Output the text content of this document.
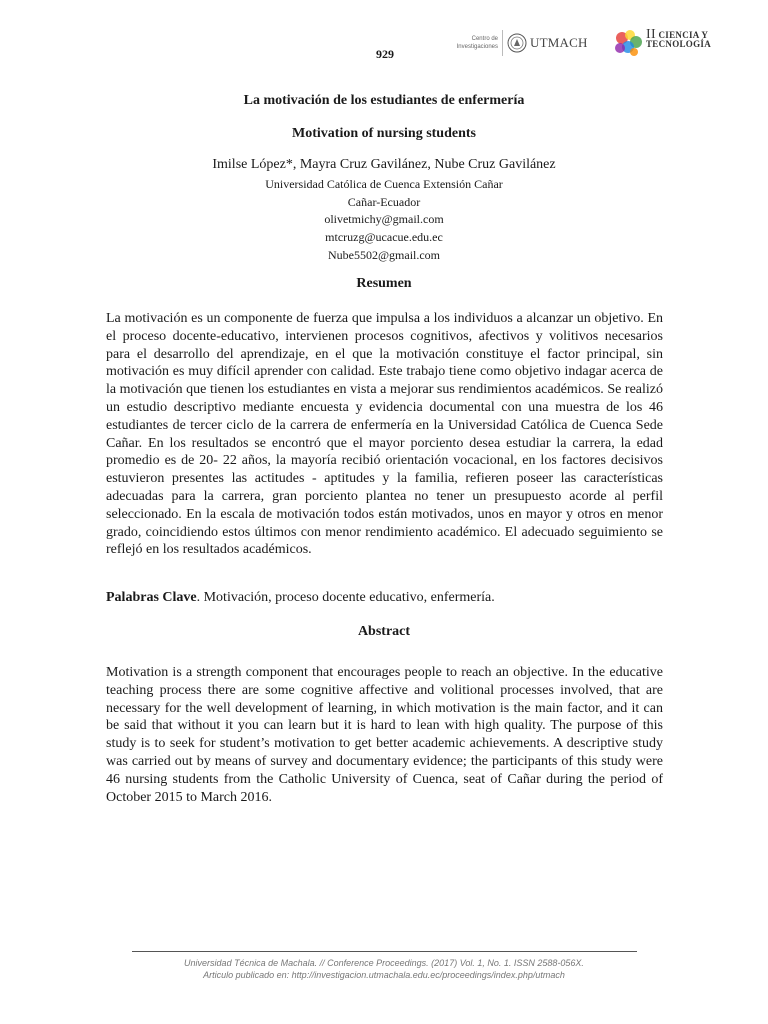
929
Centro de
Investigaciones UTMACH
II CIENCIA Y
TECNOLOGÍA
La motivación de los estudiantes de enfermería
Motivation of nursing students
Imilse López*, Mayra Cruz Gavilánez, Nube Cruz Gavilánez
Universidad Católica de Cuenca Extensión Cañar
Cañar-Ecuador
olivetmichy@gmail.com
mtcruzg@ucacue.edu.ec
Nube5502@gmail.com
Resumen
La motivación es un componente de fuerza que impulsa a los individuos a alcanzar un objetivo. En el proceso docente-educativo, intervienen procesos cognitivos, afectivos y volitivos necesarios para el desarrollo del aprendizaje, en el que la motivación constituye el factor principal, sin motivación es muy difícil aprender con calidad. Este trabajo tiene como objetivo indagar acerca de la motivación que tienen los estudiantes en vista a mejorar sus rendimientos académicos. Se realizó un estudio descriptivo mediante encuesta y evidencia documental con una muestra de los 46 estudiantes de tercer ciclo de la carrera de enfermería en la Universidad Católica de Cuenca Sede Cañar. En los resultados se encontró que el mayor porciento desea estudiar la carrera, la edad promedio es de 20- 22 años, la mayoría recibió orientación vocacional, en los factores decisivos estuvieron presentes las actitudes - aptitudes y la familia, refieren poseer las características adecuadas para la carrera, gran porciento plantea no tener un presupuesto acorde al perfil seleccionado. En la escala de motivación todos están motivados, unos en mayor y otros en menor grado, coincidiendo estos últimos con menor rendimiento académico. El adecuado seguimiento se reflejó en los resultados académicos.
Palabras Clave. Motivación, proceso docente educativo, enfermería.
Abstract
Motivation is a strength component that encourages people to reach an objective. In the educative teaching process there are some cognitive affective and volitional processes involved, that are necessary for the well development of learning, in which motivation is the main factor, and it can be said that without it you can learn but it is hard to lean with high quality. The purpose of this study is to seek for student’s motivation to get better academic achievements. A descriptive study was carried out by means of survey and documentary evidence; the participants of this study were 46 nursing students from the Catholic University of Cuenca, seat of Cañar during the period of October 2015 to March 2016.
Universidad Técnica de Machala. // Conference Proceedings. (2017) Vol. 1, No. 1. ISSN 2588-056X.
Articulo publicado en: http://investigacion.utmachala.edu.ec/proceedings/index.php/utmach
